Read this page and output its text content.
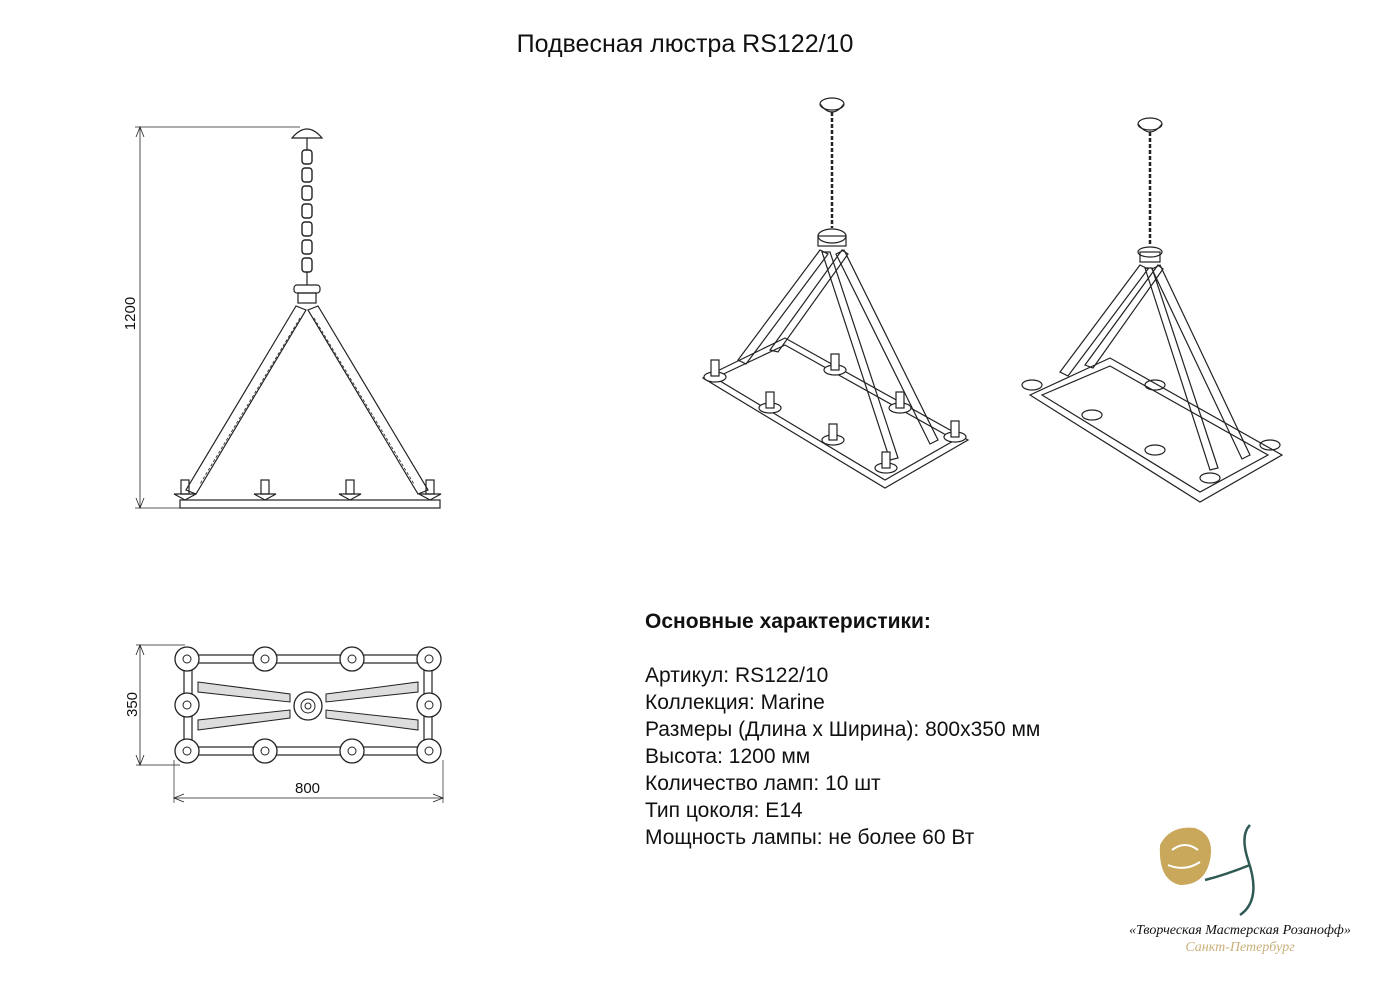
Подвесная люстра RS122/10
1200
350
800
Основные характеристики:
Артикул: RS122/10
Коллекция: Marine
Размеры (Длина х Ширина): 800х350 мм
Высота: 1200 мм
Количество ламп: 10 шт
Тип цоколя: E14
Мощность лампы: не более 60 Вт
«Творческая Мастерская Розанофф»
Санкт-Петербург
